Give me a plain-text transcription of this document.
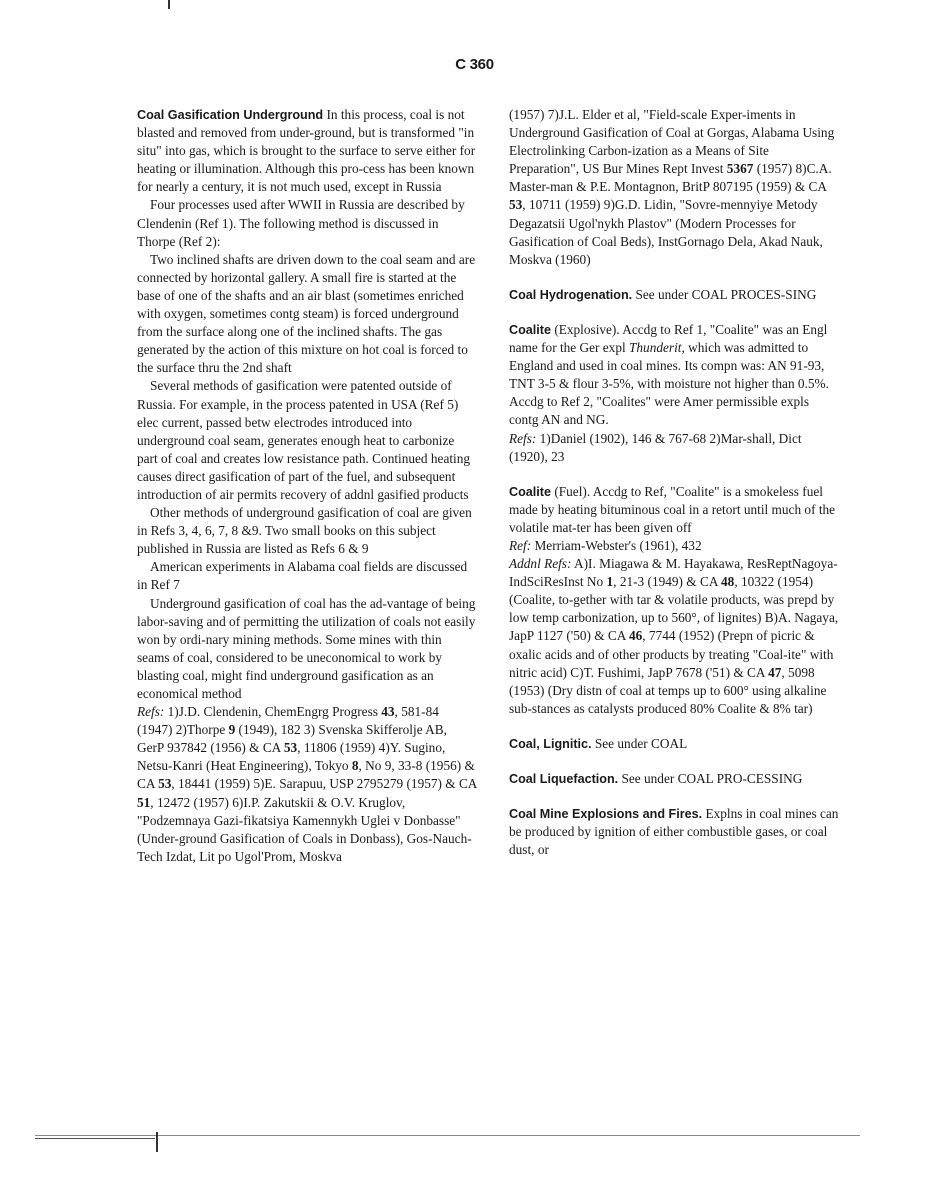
C 360

Coal Gasification Underground In this process, coal is not blasted and removed from under-ground, but is transformed "in situ" into gas, which is brought to the surface to serve either for heating or illumination. Although this pro-cess has been known for nearly a century, it is not much used, except in Russia

Four processes used after WWII in Russia are described by Clendenin (Ref 1). The following method is discussed in Thorpe (Ref 2):

Two inclined shafts are driven down to the coal seam and are connected by horizontal gallery. A small fire is started at the base of one of the shafts and an air blast (sometimes enriched with oxygen, sometimes contg steam) is forced underground from the surface along one of the inclined shafts. The gas generated by the action of this mixture on hot coal is forced to the surface thru the 2nd shaft

Several methods of gasification were patented outside of Russia. For example, in the process patented in USA (Ref 5) elec current, passed betw electrodes introduced into underground coal seam, generates enough heat to carbonize part of coal and creates low resistance path. Continued heating causes direct gasification of part of the fuel, and subsequent introduction of air permits recovery of addnl gasified products

Other methods of underground gasification of coal are given in Refs 3, 4, 6, 7, 8 &9. Two small books on this subject published in Russia are listed as Refs 6 & 9

American experiments in Alabama coal fields are discussed in Ref 7

Underground gasification of coal has the ad-vantage of being labor-saving and of permitting the utilization of coals not easily won by ordi-nary mining methods. Some mines with thin seams of coal, considered to be uneconomical to work by blasting coal, might find underground gasification as an economical method

Refs: 1)J.D. Clendenin, ChemEngrg Progress 43, 581-84 (1947) 2)Thorpe 9 (1949), 182 3) Svenska Skifferolje AB, GerP 937842 (1956) & CA 53, 11806 (1959) 4)Y. Sugino, Netsu-Kanri (Heat Engineering), Tokyo 8, No 9, 33-8 (1956) & CA 53, 18441 (1959) 5)E. Sarapuu, USP 2795279 (1957) & CA 51, 12472 (1957) 6)I.P. Zakutskii & O.V. Kruglov, "Podzemnaya Gazi-fikatsiya Kamennykh Uglei v Donbasse" (Under-ground Gasification of Coals in Donbass), Gos-Nauch-Tech Izdat, Lit po Ugol'Prom, Moskva

(1957) 7)J.L. Elder et al, "Field-scale Exper-iments in Underground Gasification of Coal at Gorgas, Alabama Using Electrolinking Carbon-ization as a Means of Site Preparation", US Bur Mines Rept Invest 5367 (1957) 8)C.A. Master-man & P.E. Montagnon, BritP 807195 (1959) & CA 53, 10711 (1959) 9)G.D. Lidin, "Sovre-mennyiye Metody Degazatsii Ugol'nykh Plastov" (Modern Processes for Gasification of Coal Beds), InstGornago Dela, Akad Nauk, Moskva (1960)

Coal Hydrogenation. See under COAL PROCES-SING

Coalite (Explosive). Accdg to Ref 1, "Coalite" was an Engl name for the Ger expl Thunderit, which was admitted to England and used in coal mines. Its compn was: AN 91-93, TNT 3-5 & flour 3-5%, with moisture not higher than 0.5%. Accdg to Ref 2, "Coalites" were Amer permissible expls contg AN and NG.
Refs: 1)Daniel (1902), 146 & 767-68 2)Mar-shall, Dict (1920), 23

Coalite (Fuel). Accdg to Ref, "Coalite" is a smokeless fuel made by heating bituminous coal in a retort until much of the volatile mat-ter has been given off
Ref: Merriam-Webster's (1961), 432
Addnl Refs: A)I. Miagawa & M. Hayakawa, ResReptNagoya-IndSciResInst No 1, 21-3 (1949) & CA 48, 10322 (1954) (Coalite, to-gether with tar & volatile products, was prepd by low temp carbonization, up to 560°, of lignites) B)A. Nagaya, JapP 1127 ('50) & CA 46, 7744 (1952) (Prepn of picric & oxalic acids and of other products by treating "Coal-ite" with nitric acid) C)T. Fushimi, JapP 7678 ('51) & CA 47, 5098 (1953) (Dry distn of coal at temps up to 600° using alkaline sub-stances as catalysts produced 80% Coalite & 8% tar)

Coal, Lignitic. See under COAL

Coal Liquefaction. See under COAL PRO-CESSING

Coal Mine Explosions and Fires. Explns in coal mines can be produced by ignition of either combustible gases, or coal dust, or
